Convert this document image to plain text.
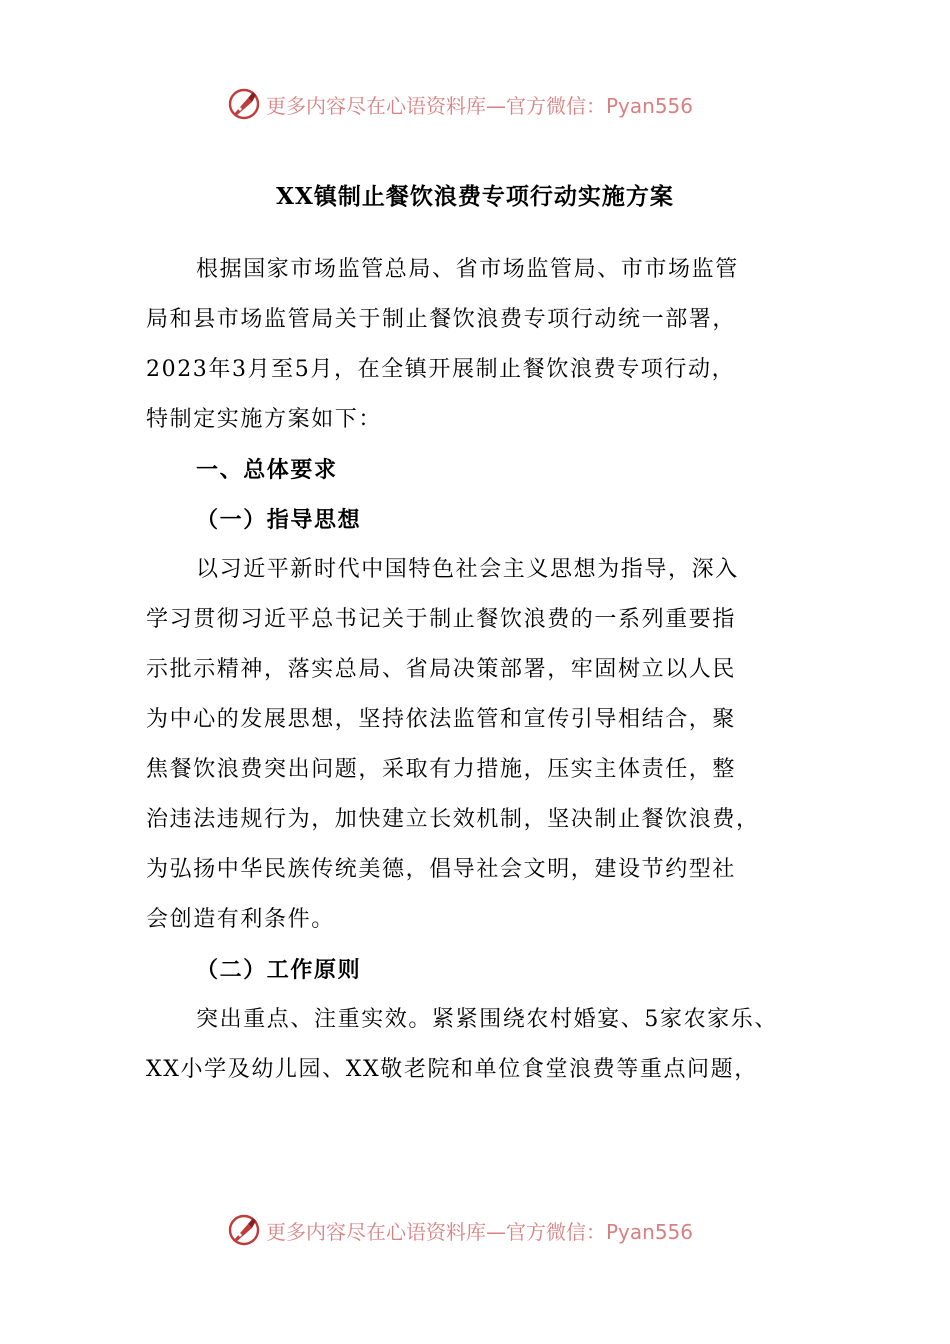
更多内容尽在心语资料库—官方微信：Pyan556
XX镇制止餐饮浪费专项行动实施方案

根据国家市场监管总局、省市场监管局、市市场监管

局和县市场监管局关于制止餐饮浪费专项行动统一部署，

2023年3月至5月，在全镇开展制止餐饮浪费专项行动，

特制定实施方案如下：

一、总体要求

（一）指导思想

以习近平新时代中国特色社会主义思想为指导，深入

学习贯彻习近平总书记关于制止餐饮浪费的一系列重要指

示批示精神，落实总局、省局决策部署，牢固树立以人民

为中心的发展思想，坚持依法监管和宣传引导相结合，聚

焦餐饮浪费突出问题，采取有力措施，压实主体责任，整

治违法违规行为，加快建立长效机制，坚决制止餐饮浪费，

为弘扬中华民族传统美德，倡导社会文明，建设节约型社

会创造有利条件。

（二）工作原则

突出重点、注重实效。紧紧围绕农村婚宴、5家农家乐、

XX小学及幼儿园、XX敬老院和单位食堂浪费等重点问题，

更多内容尽在心语资料库—官方微信：Pyan556
